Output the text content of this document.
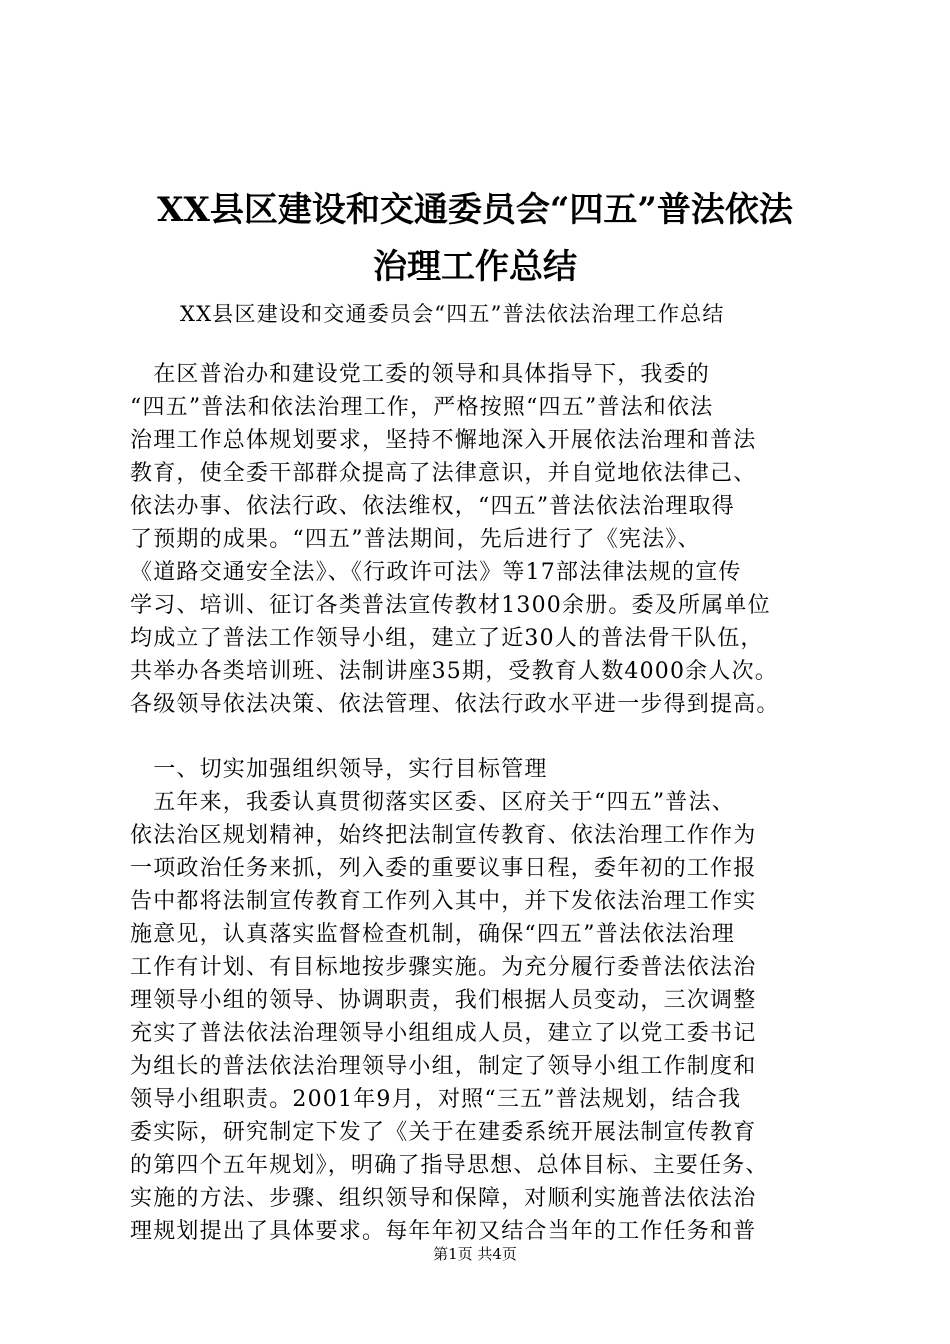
XX县区建设和交通委员会“四五”普法依法
治理工作总结
XX县区建设和交通委员会“四五”普法依法治理工作总结
　在区普治办和建设党工委的领导和具体指导下，我委的
“四五”普法和依法治理工作，严格按照“四五”普法和依法
治理工作总体规划要求，坚持不懈地深入开展依法治理和普法
教育，使全委干部群众提高了法律意识，并自觉地依法律己、
依法办事、依法行政、依法维权，“四五”普法依法治理取得
了预期的成果。“四五”普法期间，先后进行了《宪法》、
《道路交通安全法》、《行政许可法》等17部法律法规的宣传
学习、培训、征订各类普法宣传教材1300余册。委及所属单位
均成立了普法工作领导小组，建立了近30人的普法骨干队伍，
共举办各类培训班、法制讲座35期，受教育人数4000余人次。
各级领导依法决策、依法管理、依法行政水平进一步得到提高。
　一、切实加强组织领导，实行目标管理
　五年来，我委认真贯彻落实区委、区府关于“四五”普法、
依法治区规划精神，始终把法制宣传教育、依法治理工作作为
一项政治任务来抓，列入委的重要议事日程，委年初的工作报
告中都将法制宣传教育工作列入其中，并下发依法治理工作实
施意见，认真落实监督检查机制，确保“四五”普法依法治理
工作有计划、有目标地按步骤实施。为充分履行委普法依法治
理领导小组的领导、协调职责，我们根据人员变动，三次调整
充实了普法依法治理领导小组组成人员，建立了以党工委书记
为组长的普法依法治理领导小组，制定了领导小组工作制度和
领导小组职责。2001年9月，对照“三五”普法规划，结合我
委实际，研究制定下发了《关于在建委系统开展法制宣传教育
的第四个五年规划》，明确了指导思想、总体目标、主要任务、
实施的方法、步骤、组织领导和保障，对顺利实施普法依法治
理规划提出了具体要求。每年年初又结合当年的工作任务和普
第1页 共4页
